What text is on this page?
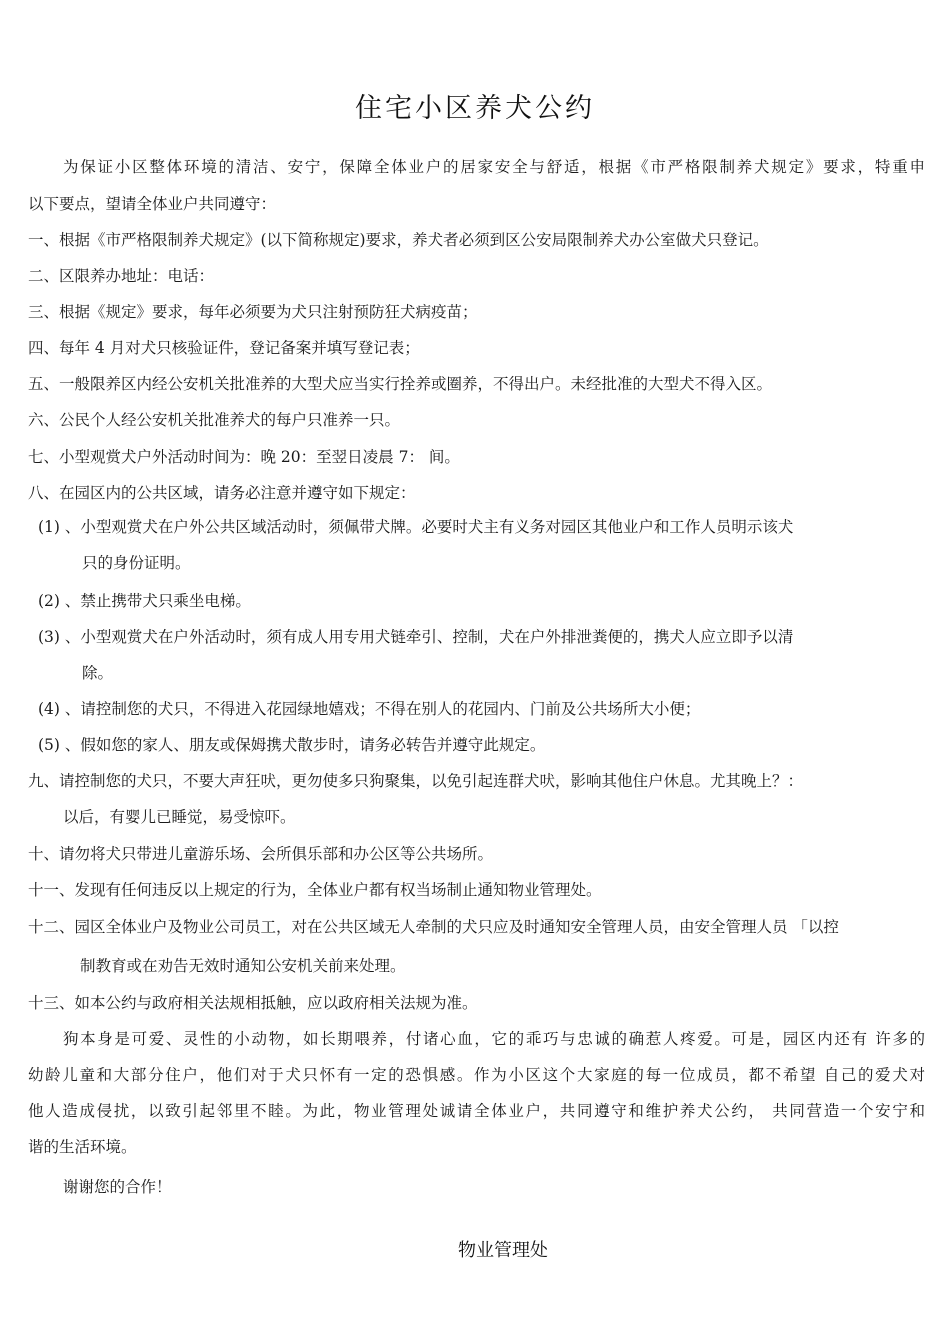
住宅小区养犬公约
为保证小区整体环境的清洁、安宁，保障全体业户的居家安全与舒适，根据《市严格限制养犬规定》要求，特重申
以下要点，望请全体业户共同遵守：
一、根据《市严格限制养犬规定》(以下简称规定)要求，养犬者必须到区公安局限制养犬办公室做犬只登记。
二、区限养办地址：电话：
三、根据《规定》要求，每年必须要为犬只注射预防狂犬病疫苗；
四、每年 4 月对犬只核验证件，登记备案并填写登记表；
五、一般限养区内经公安机关批准养的大型犬应当实行拴养或圈养，不得出户。未经批准的大型犬不得入区。
六、公民个人经公安机关批准养犬的每户只准养一只。
七、小型观赏犬户外活动时间为：晚 20：至翌日凌晨 7： 间。
八、在园区内的公共区域，请务必注意并遵守如下规定：
(1) 、小型观赏犬在户外公共区域活动时，须佩带犬牌。必要时犬主有义务对园区其他业户和工作人员明示该犬
只的身份证明。
(2) 、禁止携带犬只乘坐电梯。
(3) 、小型观赏犬在户外活动时，须有成人用专用犬链牵引、控制，犬在户外排泄粪便的，携犬人应立即予以清
除。
(4) 、请控制您的犬只，不得进入花园绿地嬉戏；不得在别人的花园内、门前及公共场所大小便；
(5) 、假如您的家人、朋友或保姆携犬散步时，请务必转告并遵守此规定。
九、请控制您的犬只，不要大声狂吠，更勿使多只狗聚集，以免引起连群犬吠，影响其他住户休息。尤其晚上？：
以后，有婴儿已睡觉，易受惊吓。
十、请勿将犬只带进儿童游乐场、会所俱乐部和办公区等公共场所。
十一、发现有任何违反以上规定的行为，全体业户都有权当场制止通知物业管理处。
十二、园区全体业户及物业公司员工，对在公共区域无人牵制的犬只应及时通知安全管理人员，由安全管理人员 「以控
制教育或在劝告无效时通知公安机关前来处理。
十三、如本公约与政府相关法规相抵触，应以政府相关法规为准。
狗本身是可爱、灵性的小动物，如长期喂养，付诸心血，它的乖巧与忠诚的确惹人疼爱。可是，园区内还有 许多的
幼龄儿童和大部分住户，他们对于犬只怀有一定的恐惧感。作为小区这个大家庭的每一位成员，都不希望 自己的爱犬对
他人造成侵扰，以致引起邻里不睦。为此，物业管理处诚请全体业户，共同遵守和维护养犬公约， 共同营造一个安宁和
谐的生活环境。
谢谢您的合作！
物业管理处
